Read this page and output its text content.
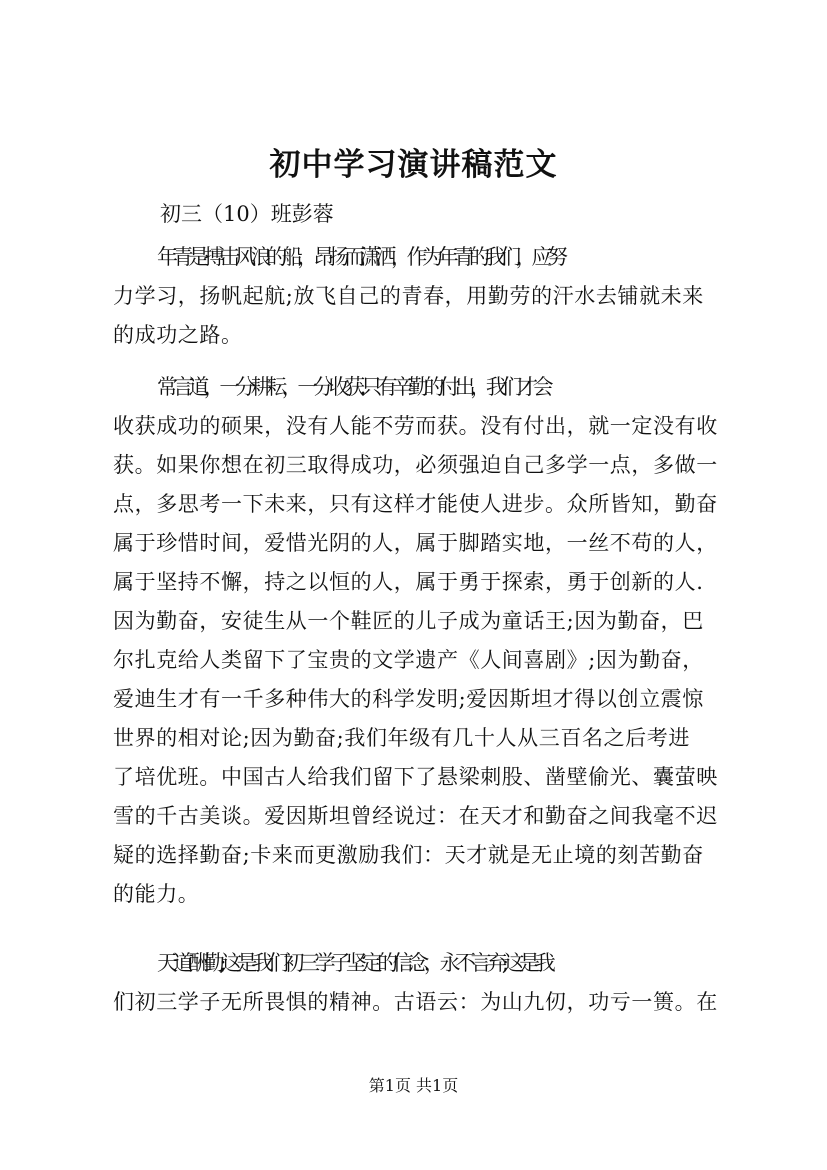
初中学习演讲稿范文
初三（10）班彭蓉
年青是搏击风浪的船，昂扬而潇洒，作为年青的我们，应努
力学习，扬帆起航;放飞自己的青春，用勤劳的汗水去铺就未来
的成功之路。
常言道，一分耕耘，一分收获.只有辛勤的付出，我们才会
收获成功的硕果，没有人能不劳而获。没有付出，就一定没有收
获。如果你想在初三取得成功，必须强迫自己多学一点，多做一
点，多思考一下未来，只有这样才能使人进步。众所皆知，勤奋
属于珍惜时间，爱惜光阴的人，属于脚踏实地，一丝不苟的人，
属于坚持不懈，持之以恒的人，属于勇于探索，勇于创新的人.
因为勤奋，安徒生从一个鞋匠的儿子成为童话王;因为勤奋，巴
尔扎克给人类留下了宝贵的文学遗产《人间喜剧》;因为勤奋，
爱迪生才有一千多种伟大的科学发明;爱因斯坦才得以创立震惊
世界的相对论;因为勤奋;我们年级有几十人从三百名之后考进
了培优班。中国古人给我们留下了悬梁刺股、凿壁偷光、囊萤映
雪的千古美谈。爱因斯坦曾经说过：在天才和勤奋之间我毫不迟
疑的选择勤奋;卡来而更激励我们：天才就是无止境的刻苦勤奋
的能力。
天道酬勤;这是我们初三学子坚定的信念，永不言弃;这是我
们初三学子无所畏惧的精神。古语云：为山九仞，功亏一篑。在
第1页 共1页
